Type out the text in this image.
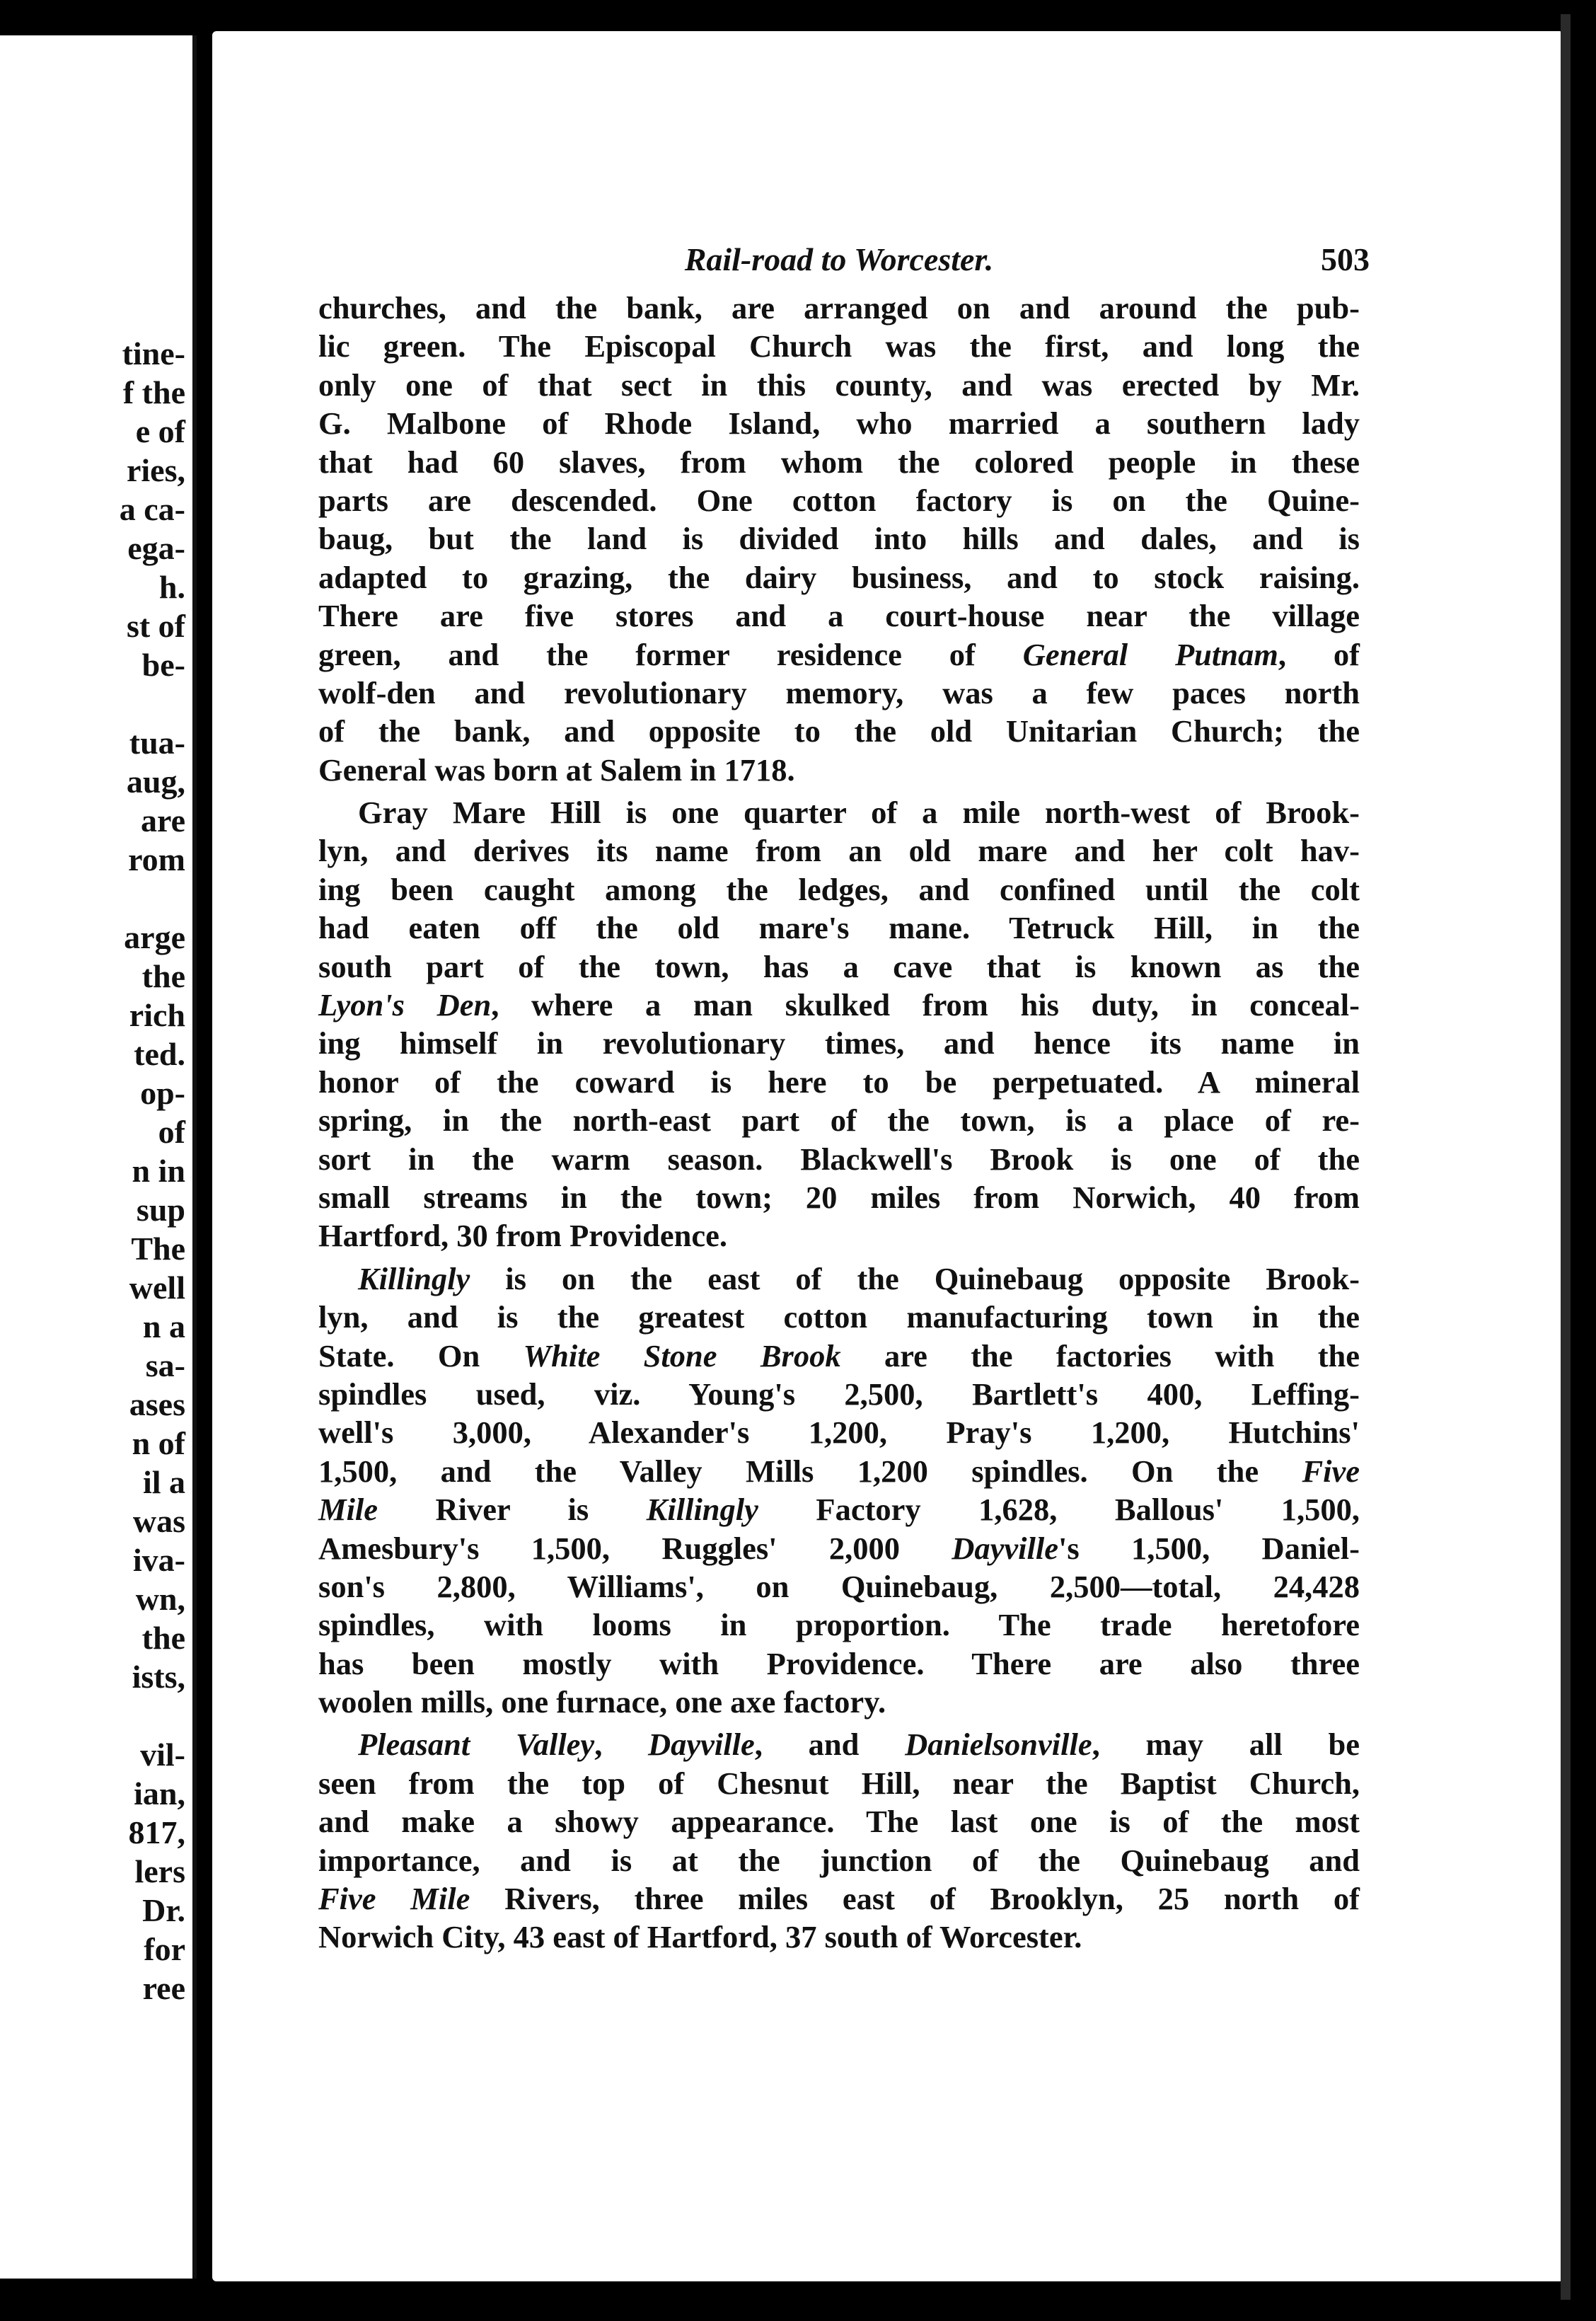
tine-
f the
e of
ries,
a ca-
ega-
h.
st of
be-
tua-
aug,
are
rom
arge
the
rich
ted.
op-
of
n in
sup
The
well
n a
sa-
ases
n of
il a
was
iva-
wn,
the
ists,
vil-
ian,
817,
lers
Dr.
for
ree
Rail-road to Worcester.	503
churches, and the bank, are arranged on and around the pub-
lic green. The Episcopal Church was the first, and long the
only one of that sect in this county, and was erected by Mr.
G. Malbone of Rhode Island, who married a southern lady
that had 60 slaves, from whom the colored people in these
parts are descended. One cotton factory is on the Quine-
baug, but the land is divided into hills and dales, and is
adapted to grazing, the dairy business, and to stock raising.
There are five stores and a court-house near the village
green, and the former residence of General Putnam, of
wolf-den and revolutionary memory, was a few paces north
of the bank, and opposite to the old Unitarian Church; the
General was born at Salem in 1718.
Gray Mare Hill is one quarter of a mile north-west of Brook-
lyn, and derives its name from an old mare and her colt hav-
ing been caught among the ledges, and confined until the colt
had eaten off the old mare's mane. Tetruck Hill, in the
south part of the town, has a cave that is known as the
Lyon's Den, where a man skulked from his duty, in conceal-
ing himself in revolutionary times, and hence its name in
honor of the coward is here to be perpetuated. A mineral
spring, in the north-east part of the town, is a place of re-
sort in the warm season. Blackwell's Brook is one of the
small streams in the town; 20 miles from Norwich, 40 from
Hartford, 30 from Providence.
Killingly is on the east of the Quinebaug opposite Brook-
lyn, and is the greatest cotton manufacturing town in the
State. On White Stone Brook are the factories with the
spindles used, viz. Young's 2,500, Bartlett's 400, Leffing-
well's 3,000, Alexander's 1,200, Pray's 1,200, Hutchins'
1,500, and the Valley Mills 1,200 spindles. On the Five
Mile River is Killingly Factory 1,628, Ballous' 1,500,
Amesbury's 1,500, Ruggles' 2,000 Dayville's 1,500, Daniel-
son's 2,800, Williams', on Quinebaug, 2,500—total, 24,428
spindles, with looms in proportion. The trade heretofore
has been mostly with Providence. There are also three
woolen mills, one furnace, one axe factory.
Pleasant Valley, Dayville, and Danielsonville, may all be
seen from the top of Chesnut Hill, near the Baptist Church,
and make a showy appearance. The last one is of the most
importance, and is at the junction of the Quinebaug and
Five Mile Rivers, three miles east of Brooklyn, 25 north of
Norwich City, 43 east of Hartford, 37 south of Worcester.
